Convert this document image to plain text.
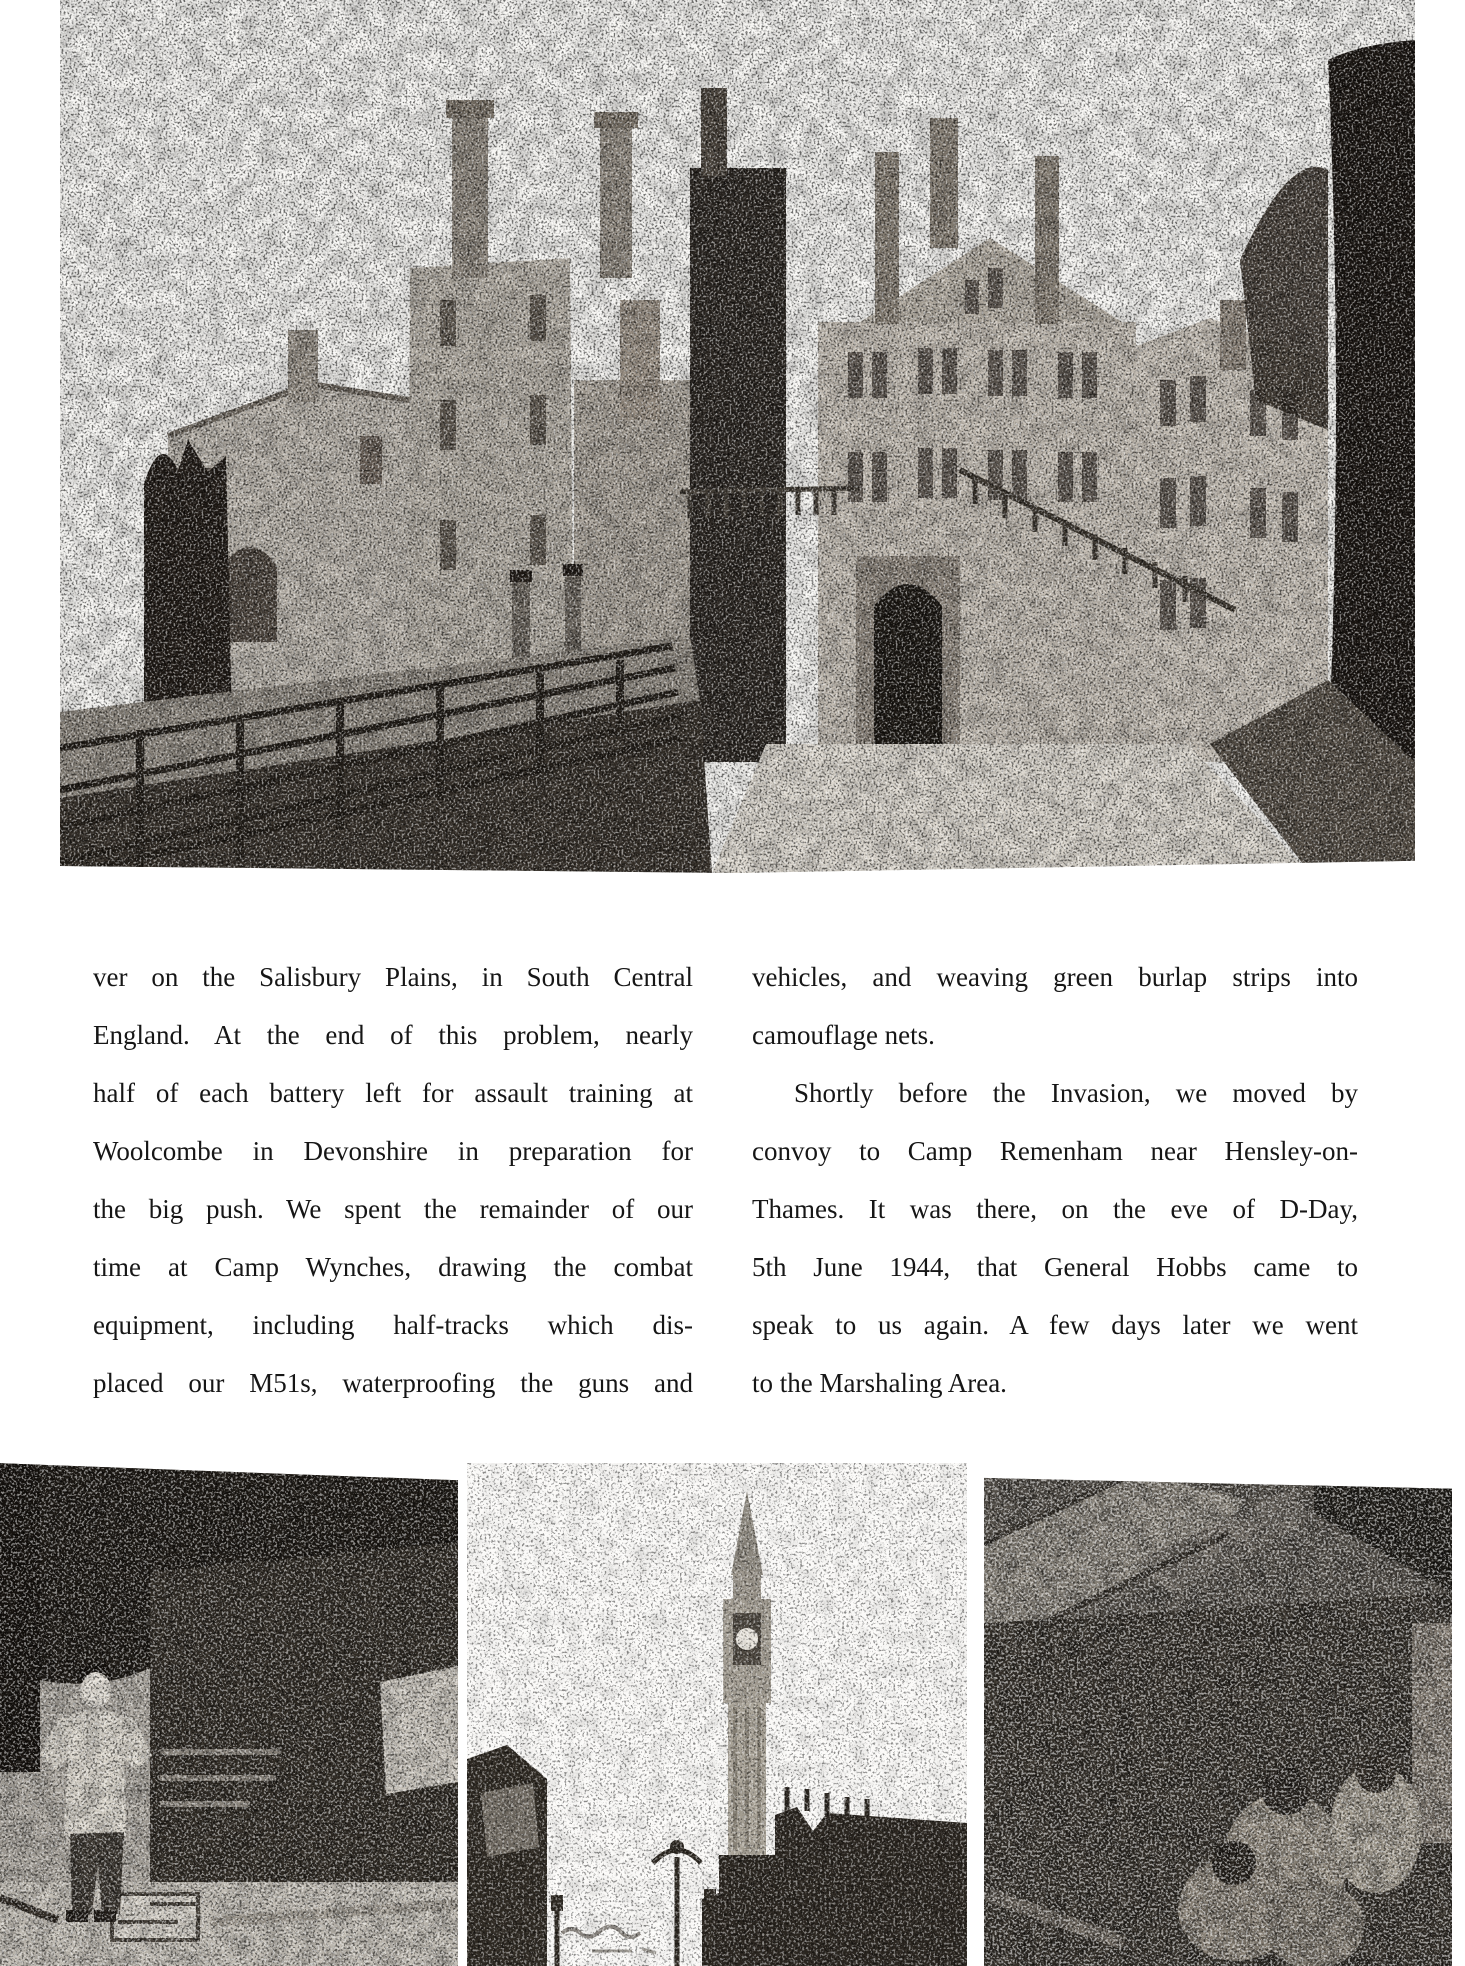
ver on the Salisbury Plains, in South Central
England. At the end of this problem, nearly
half of each battery left for assault training at
Woolcombe in Devonshire in preparation for
the big push. We spent the remainder of our
time at Camp Wynches, drawing the combat
equipment, including half-tracks which dis-
placed our M51s, waterproofing the guns and
vehicles, and weaving green burlap strips into
camouflage nets.
Shortly before the Invasion, we moved by
convoy to Camp Remenham near Hensley-on-
Thames. It was there, on the eve of D-Day,
5th June 1944, that General Hobbs came to
speak to us again. A few days later we went
to the Marshaling Area.
